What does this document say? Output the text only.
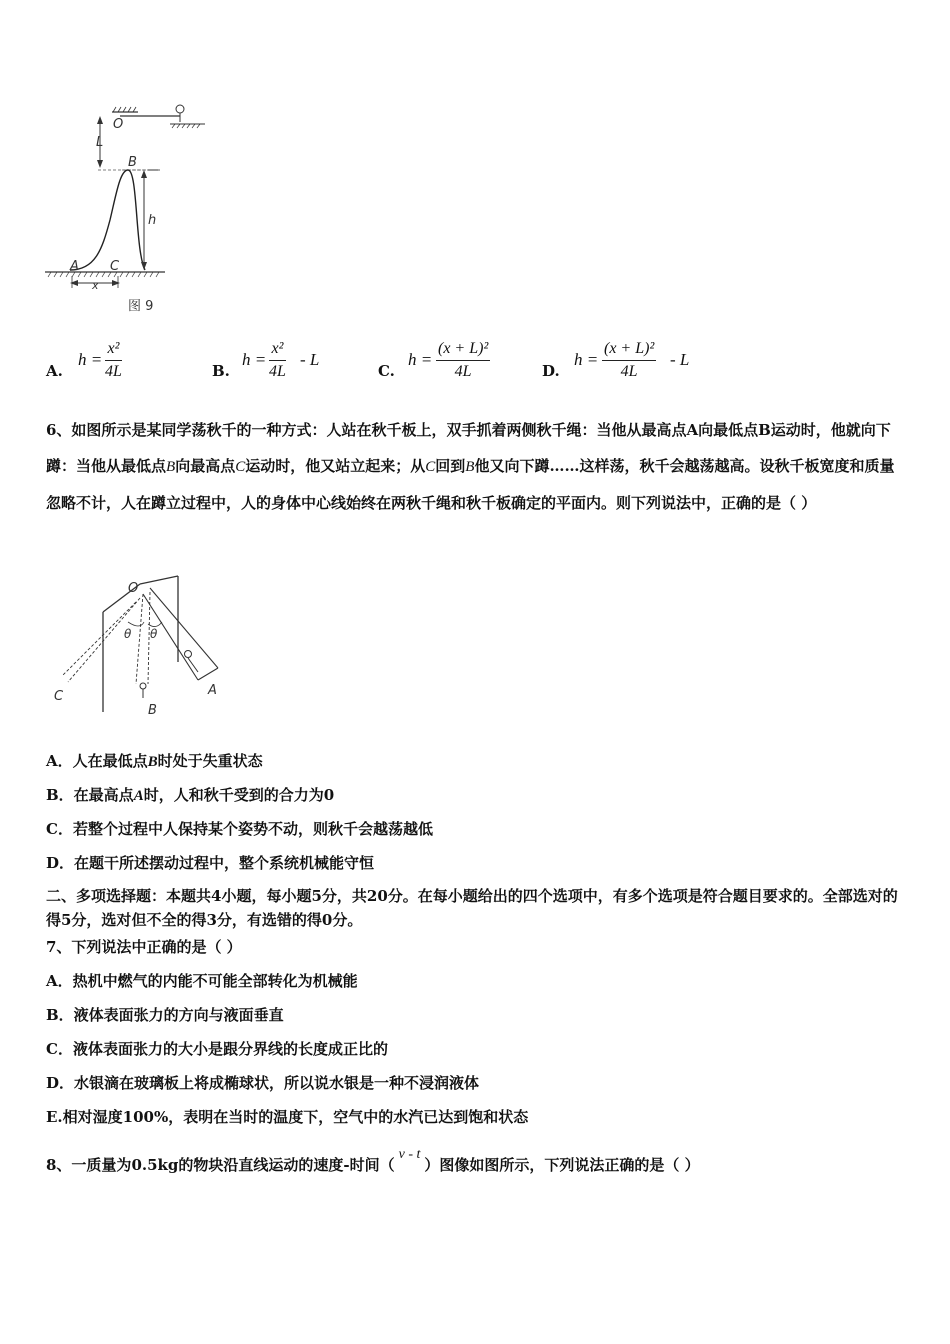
O
L
B
h
A C
x
图 9
A.
$h = \frac{\text{x²}}{4L}$	B.
$h = \frac{\text{x²}}{4L} - L$
C.
$h = \frac{\text{(x + L)²}}{4L}$	D.
$h = \frac{\text{(x + L)²}}{4L} - L$
6、如图所示是某同学荡秋千的一种方式：人站在秋千板上，双手抓着两侧秋千绳：当他从最高点A向最低点B运动时，他就向下蹲：当他从最低点B向最高点C运动时，他又站立起来；从C回到B他又向下蹲……这样荡，秋千会越荡越高。设秋千板宽度和质量忽略不计，人在蹲立过程中，人的身体中心线始终在两秋千绳和秋千板确定的平面内。则下列说法中，正确的是（ ）
O
A
B
C
θ θ
A．人在最低点B时处于失重状态
B．在最高点A时，人和秋千受到的合力为0
C．若整个过程中人保持某个姿势不动，则秋千会越荡越低
D．在题干所述摆动过程中，整个系统机械能守恒
二、多项选择题：本题共4小题，每小题5分，共20分。在每小题给出的四个选项中，有多个选项是符合题目要求的。全部选对的得5分，选对但不全的得3分，有选错的得0分。
7、下列说法中正确的是（ ）
A．热机中燃气的内能不可能全部转化为机械能
B．液体表面张力的方向与液面垂直
C．液体表面张力的大小是跟分界线的长度成正比的
D．水银滴在玻璃板上将成椭球状，所以说水银是一种不浸润液体
E.相对湿度100%，表明在当时的温度下，空气中的水汽已达到饱和状态
8、一质量为0.5kg的物块沿直线运动的速度-时间（v - t）图像如图所示，下列说法正确的是（ ）
